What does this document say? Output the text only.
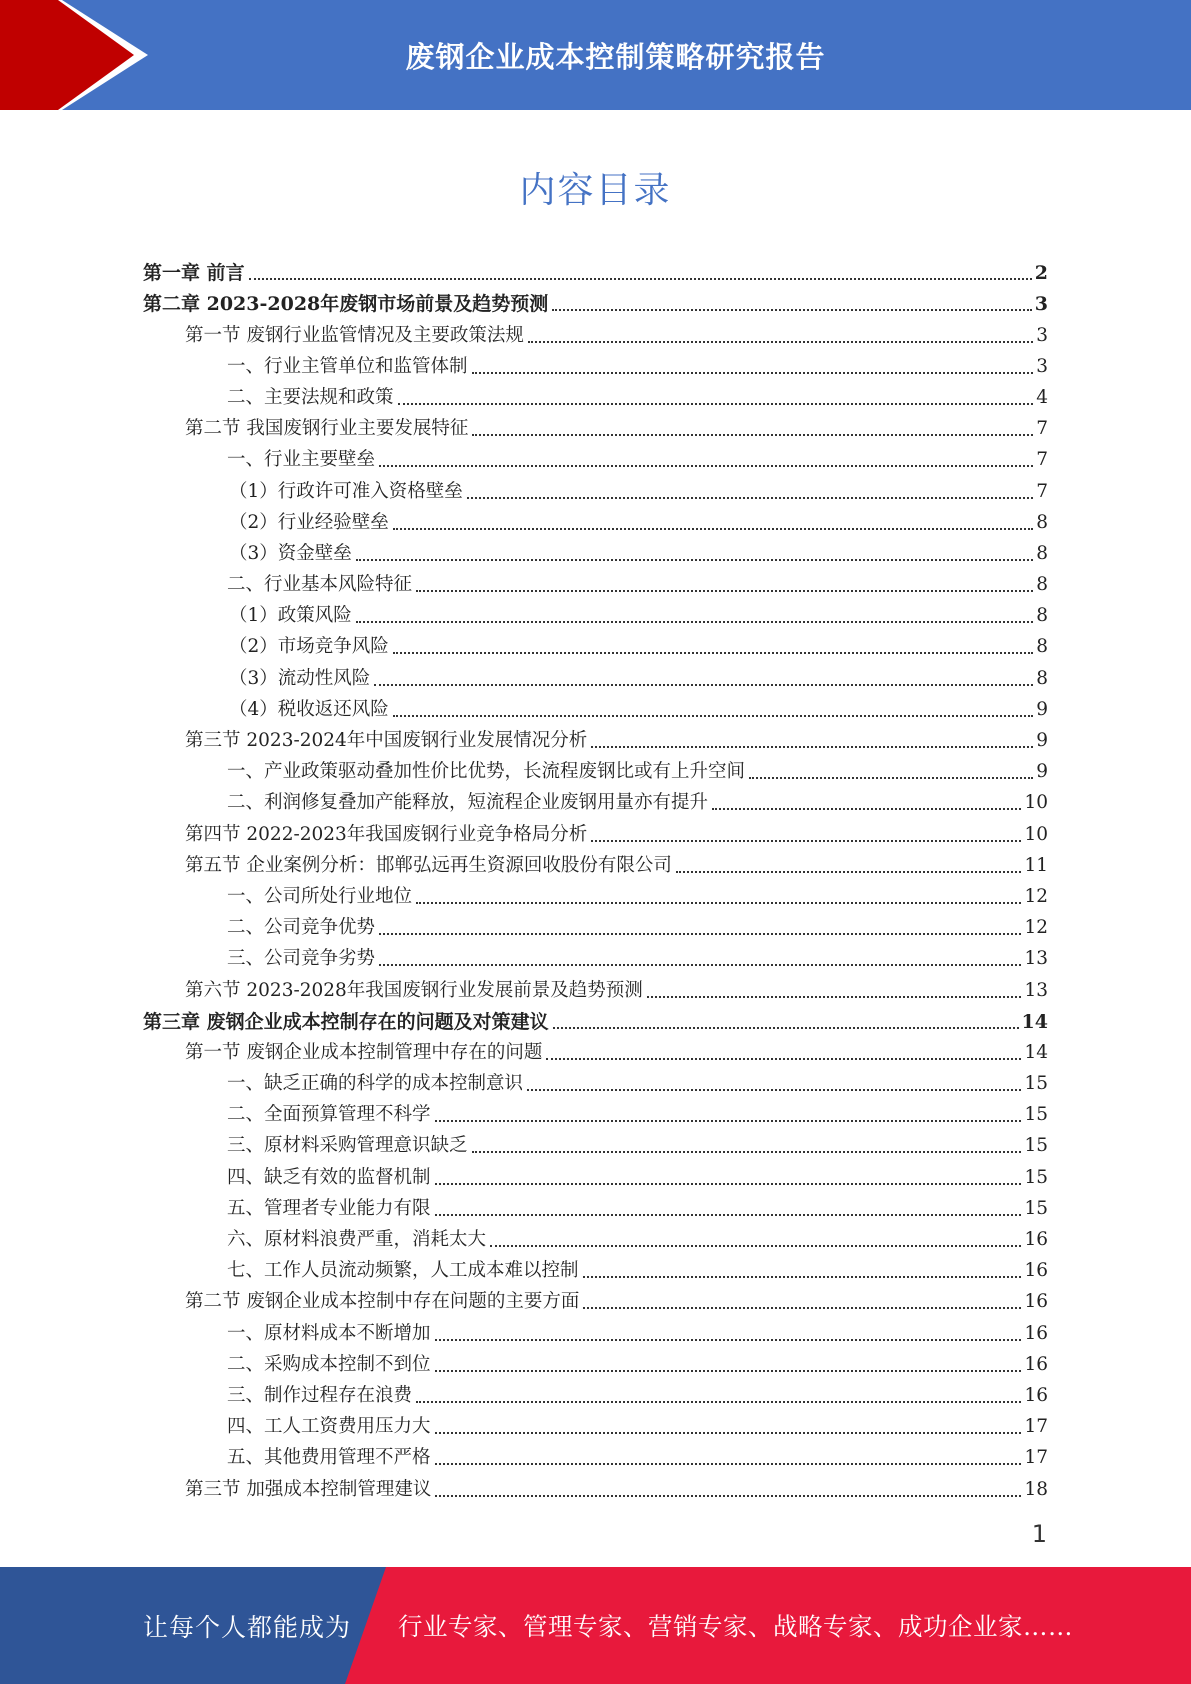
废钢企业成本控制策略研究报告
内容目录
第一章 前言	2
第二章 2023-2028年废钢市场前景及趋势预测	3
第一节 废钢行业监管情况及主要政策法规	3
一、行业主管单位和监管体制	3
二、主要法规和政策	4
第二节 我国废钢行业主要发展特征	7
一、行业主要壁垒	7
（1）行政许可准入资格壁垒	7
（2）行业经验壁垒	8
（3）资金壁垒	8
二、行业基本风险特征	8
（1）政策风险	8
（2）市场竞争风险	8
（3）流动性风险	8
（4）税收返还风险	9
第三节 2023-2024年中国废钢行业发展情况分析	9
一、产业政策驱动叠加性价比优势，长流程废钢比或有上升空间	9
二、利润修复叠加产能释放，短流程企业废钢用量亦有提升	10
第四节 2022-2023年我国废钢行业竞争格局分析	10
第五节 企业案例分析：邯郸弘远再生资源回收股份有限公司	11
一、公司所处行业地位	12
二、公司竞争优势	12
三、公司竞争劣势	13
第六节 2023-2028年我国废钢行业发展前景及趋势预测	13
第三章 废钢企业成本控制存在的问题及对策建议	14
第一节 废钢企业成本控制管理中存在的问题	14
一、缺乏正确的科学的成本控制意识	15
二、全面预算管理不科学	15
三、原材料采购管理意识缺乏	15
四、缺乏有效的监督机制	15
五、管理者专业能力有限	15
六、原材料浪费严重，消耗太大	16
七、工作人员流动频繁，人工成本难以控制	16
第二节 废钢企业成本控制中存在问题的主要方面	16
一、原材料成本不断增加	16
二、采购成本控制不到位	16
三、制作过程存在浪费	16
四、工人工资费用压力大	17
五、其他费用管理不严格	17
第三节 加强成本控制管理建议	18
1
让每个人都能成为 行业专家、管理专家、营销专家、战略专家、成功企业家……
